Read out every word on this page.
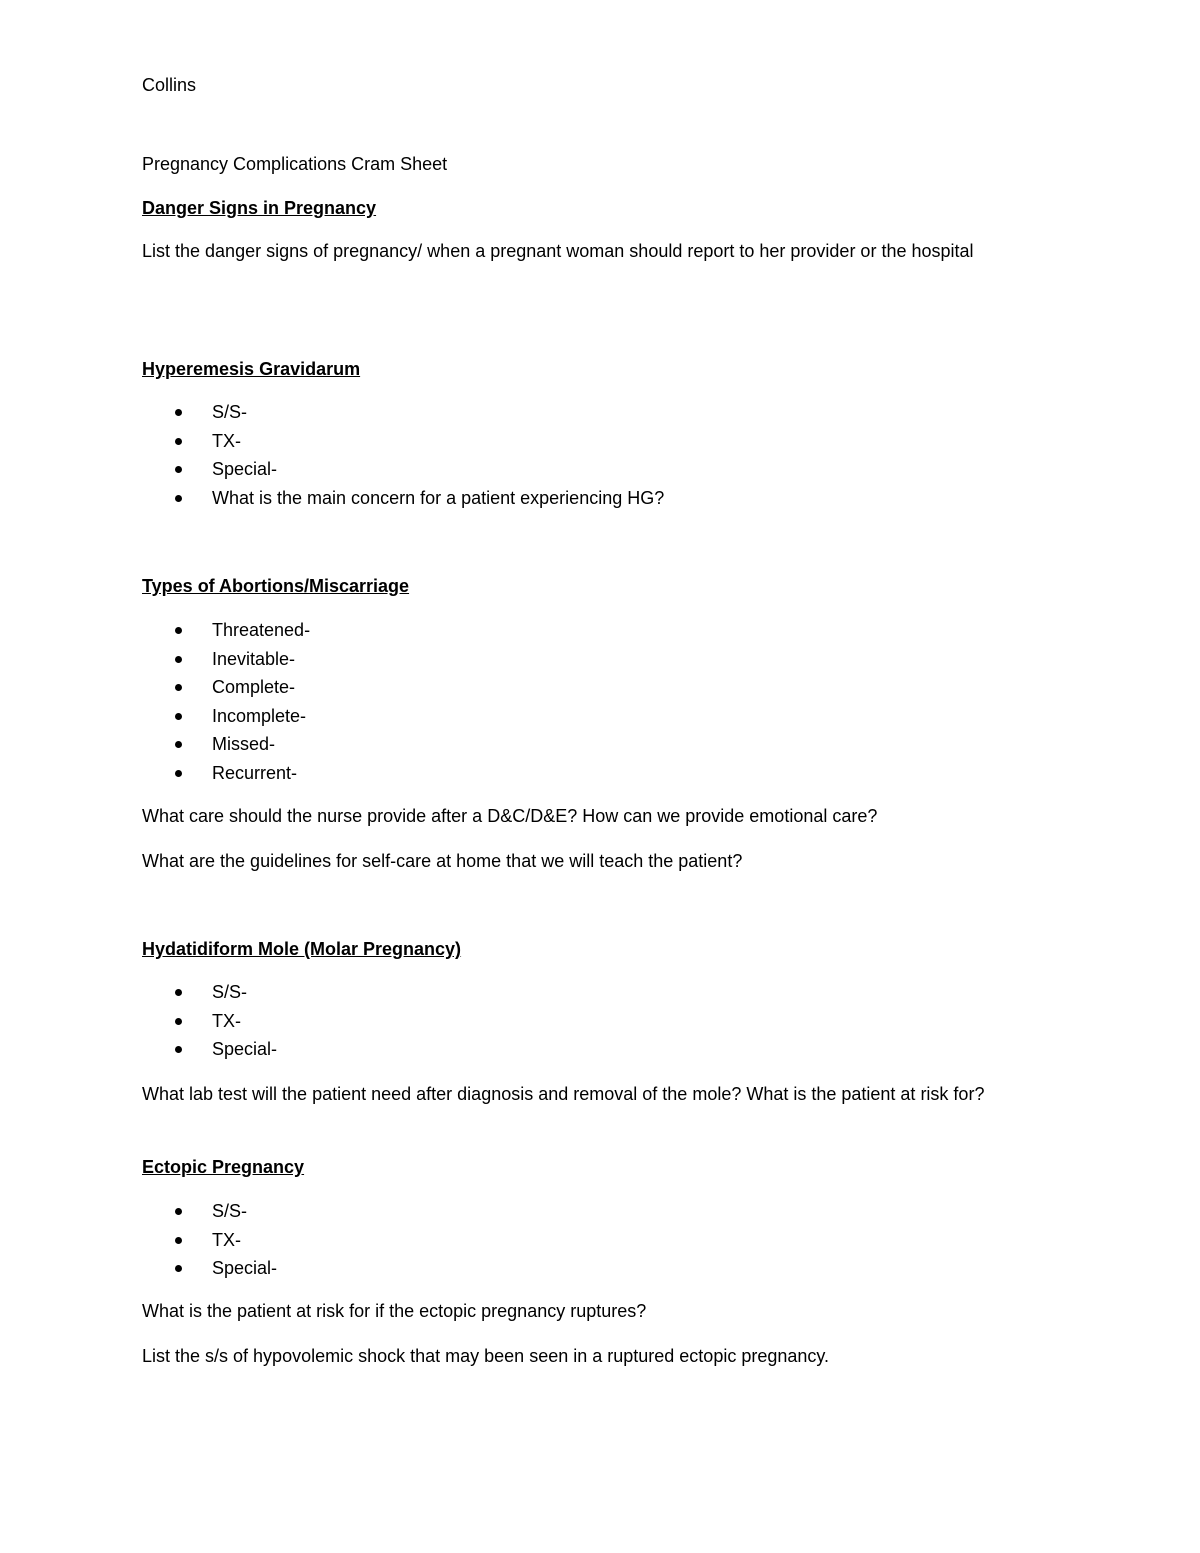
Collins
Pregnancy Complications Cram Sheet
Danger Signs in Pregnancy
List the danger signs of pregnancy/ when a pregnant woman should report to her provider or the hospital
Hyperemesis Gravidarum
S/S-
TX-
Special-
What is the main concern for a patient experiencing HG?
Types of Abortions/Miscarriage
Threatened-
Inevitable-
Complete-
Incomplete-
Missed-
Recurrent-
What care should the nurse provide after a D&C/D&E? How can we provide emotional care?
What are the guidelines for self-care at home that we will teach the patient?
Hydatidiform Mole (Molar Pregnancy)
S/S-
TX-
Special-
What lab test will the patient need after diagnosis and removal of the mole? What is the patient at risk for?
Ectopic Pregnancy
S/S-
TX-
Special-
What is the patient at risk for if the ectopic pregnancy ruptures?
List the s/s of hypovolemic shock that may been seen in a ruptured ectopic pregnancy.
